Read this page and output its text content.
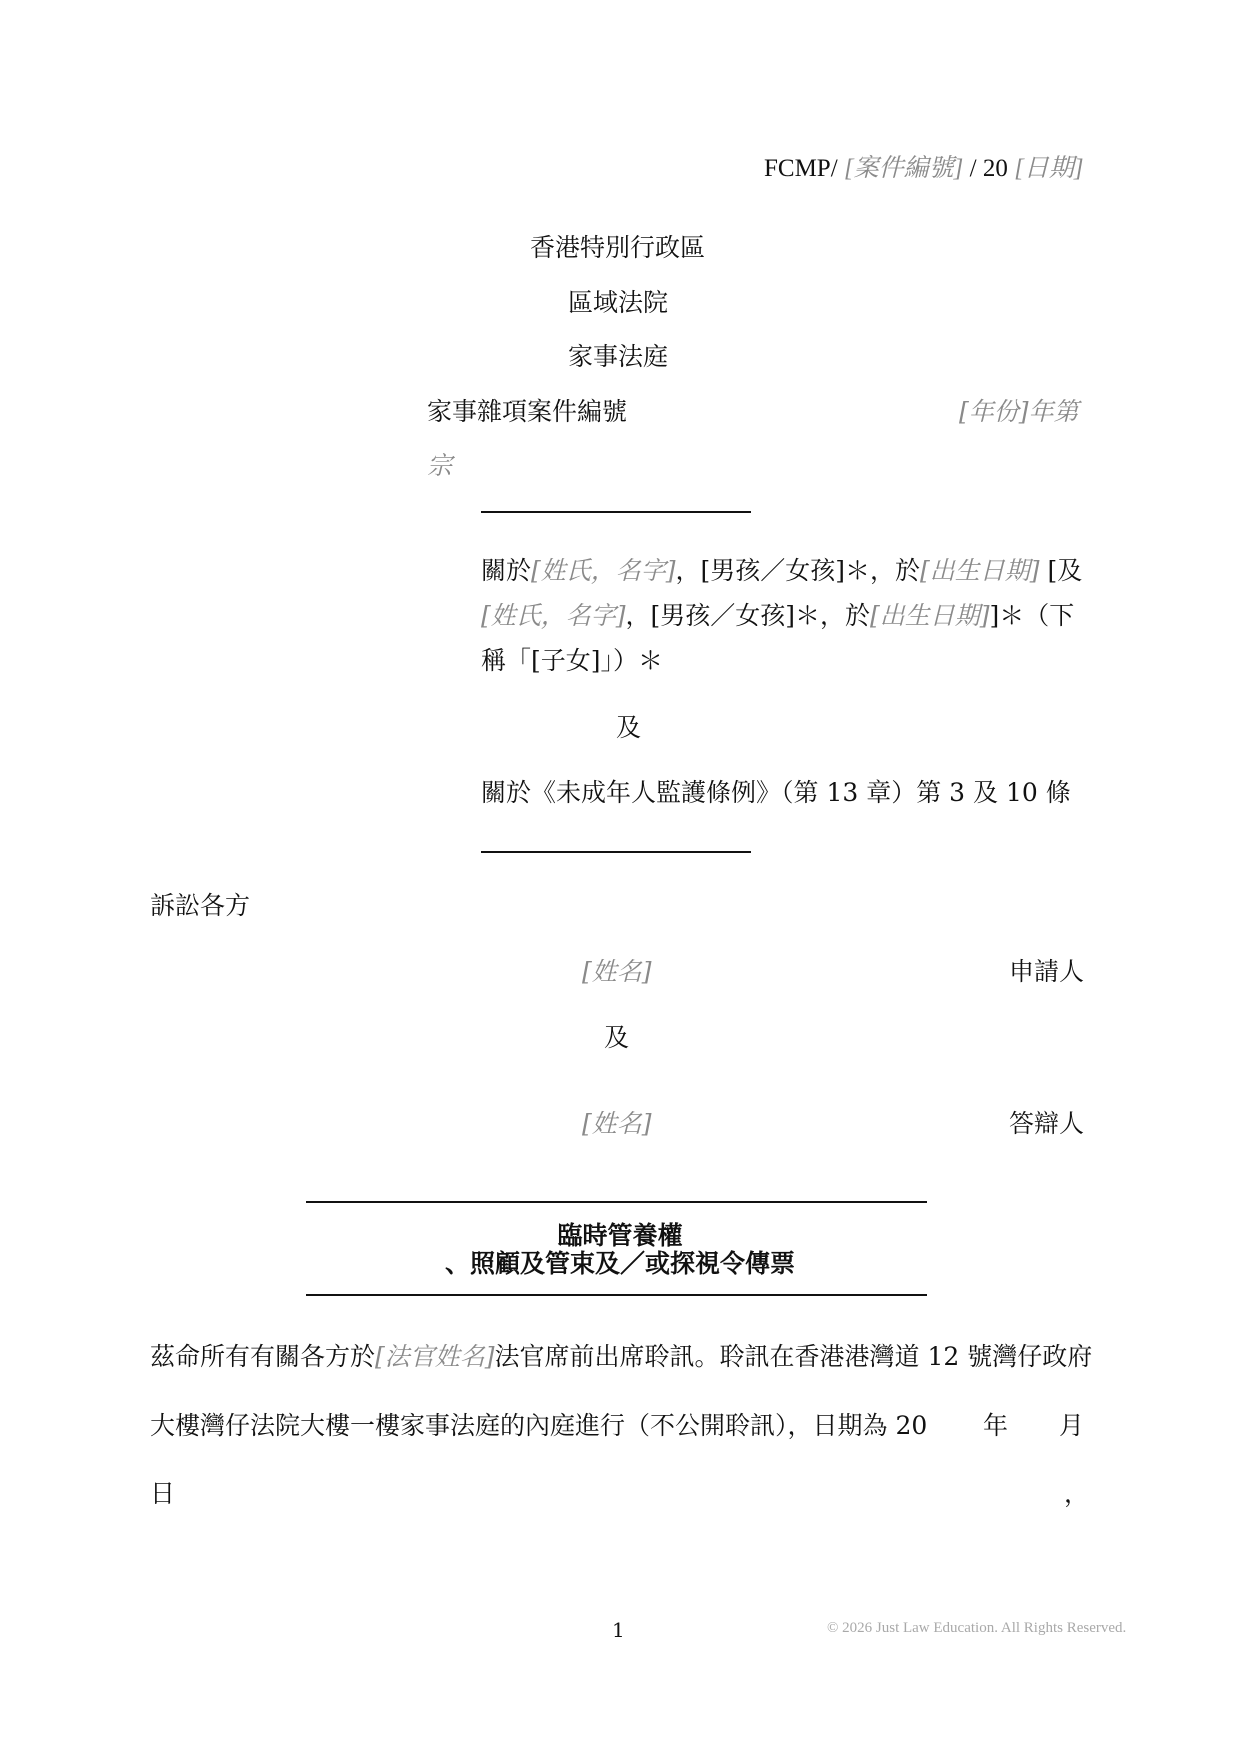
FCMP/ [案件編號] / 20 [日期]
香港特別行政區
區域法院
家事法庭
家事雜項案件編號	[年份]年第
宗
關於[姓氏，名字]，[男孩／女孩]＊，於[出生日期] [及
[姓氏，名字]，[男孩／女孩]＊，於[出生日期]]＊（下
稱「[子女]」）＊
及
關於《未成年人監護條例》（第 13 章）第 3 及 10 條
訴訟各方
[姓名]	申請人
及
[姓名]	答辯人
臨時管養權
、照顧及管束及／或探視令傳票
茲命所有有關各方於[法官姓名]法官席前出席聆訊。聆訊在香港港灣道 12 號灣仔政府
大樓灣仔法院大樓一樓家事法庭的內庭進行（不公開聆訊），日期為 20 年 月
日	，
1	© 2026 Just Law Education. All Rights Reserved.
